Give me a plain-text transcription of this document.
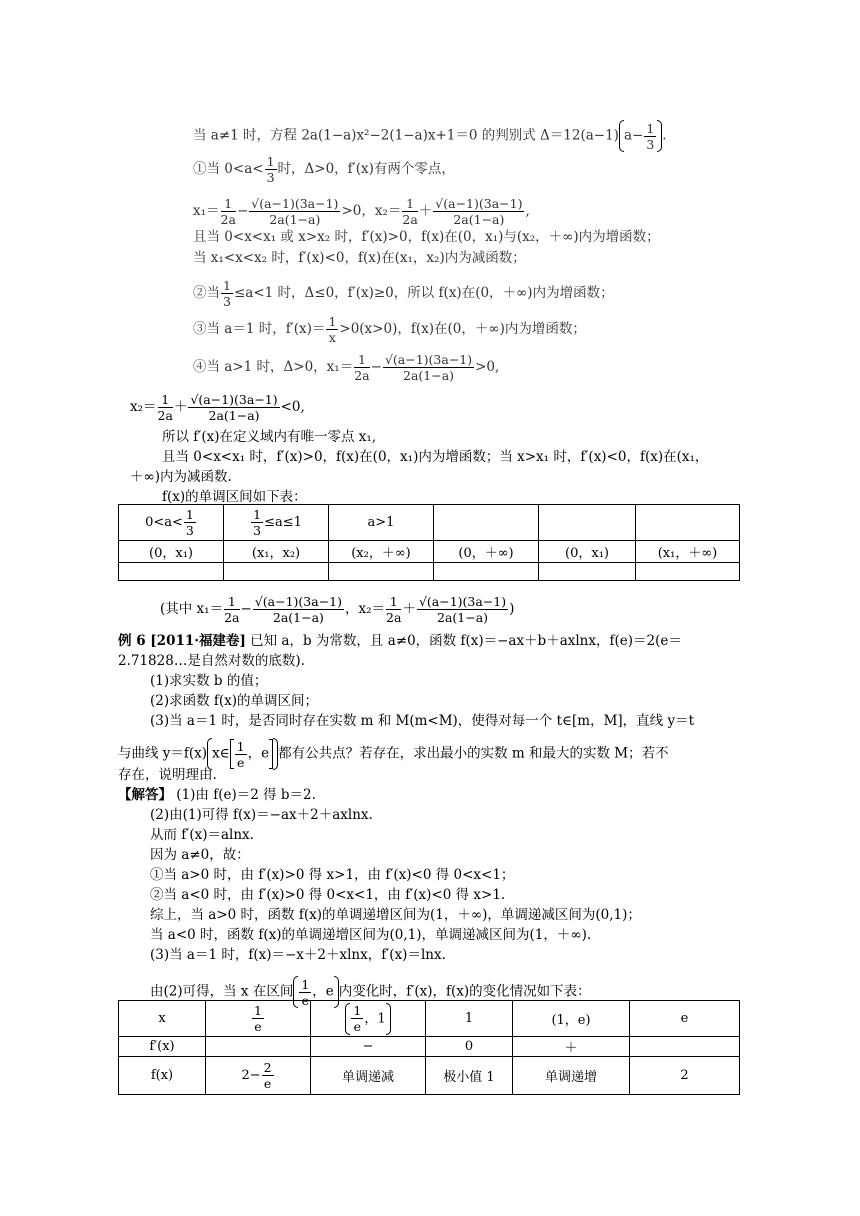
当 a≠1 时，方程 2a(1−a)x²−2(1−a)x+1＝0 的判别式 Δ＝12(a−1) $a- \frac{1}{3}$ .
①当 $0<a< \frac{1}{3}$ 时，Δ>0，f′(x)有两个零点，
$x_1= \frac{1}{2a} - \frac{√(a-1)(3a-1)}{2a(1-a)} >0$，$x_2= \frac{1}{2a} + \frac{√(a-1)(3a-1)}{2a(1-a)}$ ,
且当 0<x<x₁ 或 x>x₂ 时，f′(x)>0，f(x)在(0，x₁)与(x₂，＋∞)内为增函数；
当 x₁<x<x₂ 时，f′(x)<0，f(x)在(x₁，x₂)内为减函数；
②当 $\frac{1}{3} \le a<1$ 时，Δ≤0，f′(x)≥0，所以 f(x)在(0，＋∞)内为增函数；
③当 a＝1 时，$f'(x)= \frac{1}{x} >0(x>0)$，f(x)在(0，＋∞)内为增函数；
④当 a>1 时，Δ>0，$x_1= \frac{1}{2a} - \frac{√(a-1)(3a-1)}{2a(1-a)} >0$,
$x_2= \frac{1}{2a} + \frac{√(a-1)(3a-1)}{2a(1-a)} <0$,
所以 f′(x)在定义域内有唯一零点 x₁,
且当 0<x<x₁ 时，f′(x)>0，f(x)在(0，x₁)内为增函数；当 x>x₁ 时，f′(x)<0，f(x)在(x₁，
＋∞)内为减函数.
f(x)的单调区间如下表：
$0<a< \frac{1}{3}$	$\frac{1}{3} \le a\le 1$	a>1			
(0，x₁)	(x₁，x₂)	(x₂，＋∞)	(0，＋∞)	(0，x₁)	(x₁，＋∞)

(其中 $x_1= \frac{1}{2a} - \frac{√(a-1)(3a-1)}{2a(1-a)}$ ，$x_2= \frac{1}{2a} + \frac{√(a-1)(3a-1)}{2a(1-a)}$ )
例 6 [2011·福建卷] 已知 a，b 为常数，且 a≠0，函数 f(x)＝−ax＋b＋axlnx，f(e)＝2(e＝
2.71828…是自然对数的底数).
(1)求实数 b 的值；
(2)求函数 f(x)的单调区间；
(3)当 a＝1 时，是否同时存在实数 m 和 M(m<M)，使得对每一个 t∈[m，M]，直线 y＝t
与曲线 y＝f(x) x∈ $\frac{1}{e}$ ，e 都有公共点？若存在，求出最小的实数 m 和最大的实数 M；若不
存在，说明理由.
【解答】 (1)由 f(e)＝2 得 b＝2.
(2)由(1)可得 f(x)＝−ax＋2＋axlnx.
从而 f′(x)＝alnx.
因为 a≠0，故：
①当 a>0 时，由 f′(x)>0 得 x>1，由 f′(x)<0 得 0<x<1；
②当 a<0 时，由 f′(x)>0 得 0<x<1，由 f′(x)<0 得 x>1.
综上，当 a>0 时，函数 f(x)的单调递增区间为(1，＋∞)，单调递减区间为(0,1)；
当 a<0 时，函数 f(x)的单调递增区间为(0,1)，单调递减区间为(1，＋∞).
(3)当 a＝1 时，f(x)＝−x＋2＋xlnx，f′(x)＝lnx.
由(2)可得，当 x 在区间 $\frac{1}{e}$ ，e 内变化时，f′(x)，f(x)的变化情况如下表：
x	$\frac{1}{e}$	$\frac{1}{e}$ ，1	1	(1，e)	e
f′(x)		−	0	＋	
f(x)	$2- \frac{2}{e}$	单调递减	极小值 1	单调递增	2
